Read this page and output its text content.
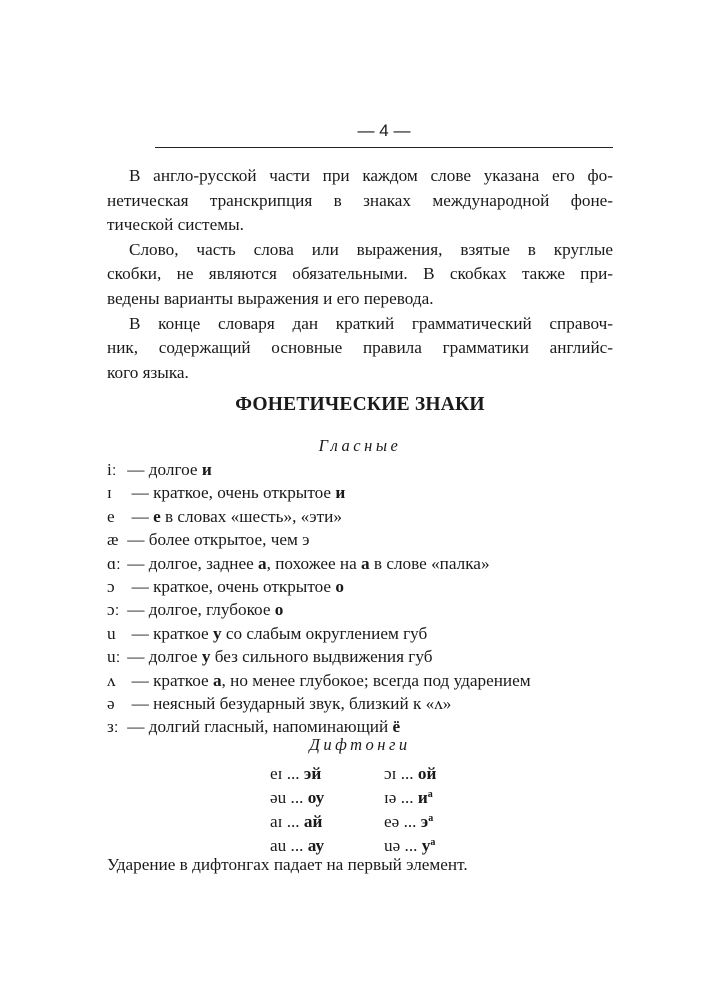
— 4 —

В англо-русской части при каждом слове указана его фо-
нетическая транскрипция в знаках международной фоне-
тической системы.

Слово, часть слова или выражения, взятые в круглые
скобки, не являются обязательными. В скобках также при-
ведены варианты выражения и его перевода.

В конце словаря дан краткий грамматический справоч-
ник, содержащий основные правила грамматики английс-
кого языка.

ФОНЕТИЧЕСКИЕ ЗНАКИ
Гласные
iː — долгое и
ɪ  — краткое, очень открытое и
e  — е в словах «шесть», «эти»
æ — более открытое, чем э
ɑː — долгое, заднее а, похожее на а в слове «палка»
ɔ  — краткое, очень открытое о
ɔː — долгое, глубокое о
u  — краткое у со слабым округлением губ
uː — долгое у без сильного выдвижения губ
ʌ  — краткое а, но менее глубокое; всегда под ударением
ə  — неясный безударный звук, близкий к «ʌ»
зː — долгий гласный, напоминающий ё
Дифтонги
eɪ ... эй	ɔɪ ... ой
əu ... оу	ɪə ... $и^а$
aɪ ... ай	eə ... $э^а$
au ... ау	uə ... $у^а$
Ударение в дифтонгах падает на первый элемент.
